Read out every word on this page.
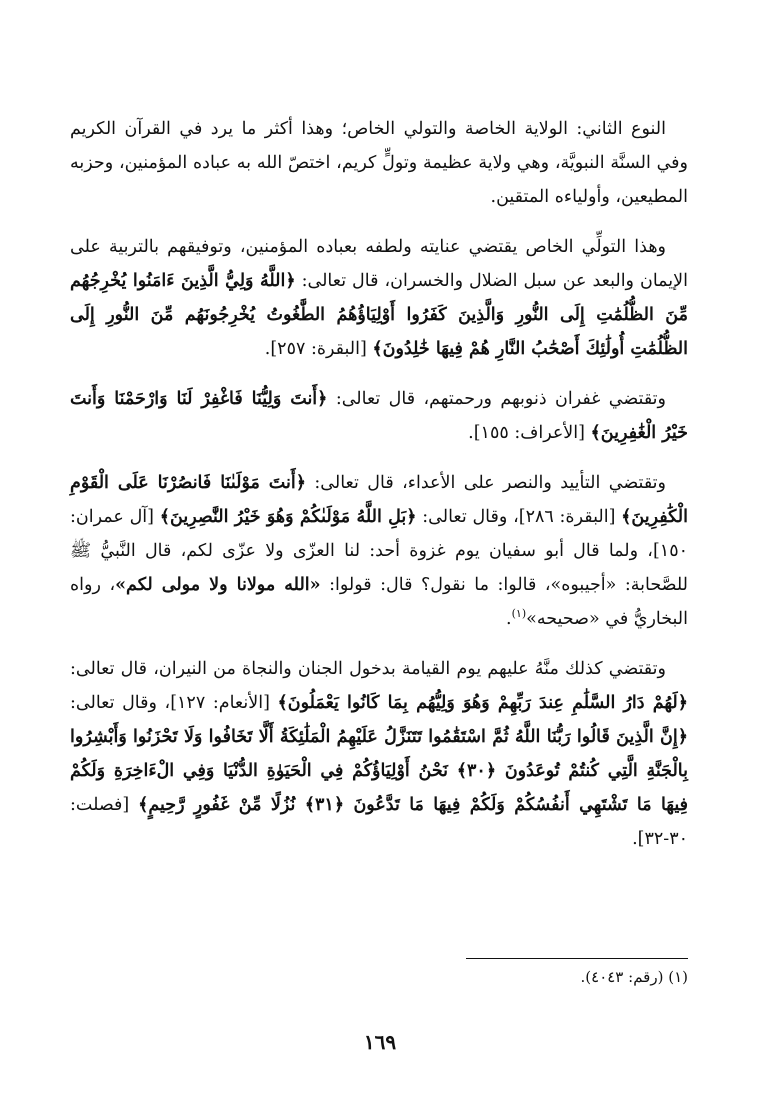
النوع الثاني: الولاية الخاصة والتولي الخاص؛ وهذا أكثر ما يرد في القرآن الكريم وفي السنَّة النبويَّة، وهي ولاية عظيمة وتولٍّ كريم، اختصّ الله به عباده المؤمنين، وحزبه المطيعين، وأولياءه المتقين.

وهذا التولِّي الخاص يقتضي عنايته ولطفه بعباده المؤمنين، وتوفيقهم بالتربية على الإيمان والبعد عن سبل الضلال والخسران، قال تعالى: ﴿اللَّهُ وَلِيُّ الَّذِينَ ءَامَنُوا يُخْرِجُهُم مِّنَ الظُّلُمَٰتِ إِلَى النُّورِ وَالَّذِينَ كَفَرُوا أَوْلِيَاؤُهُمُ الطَّٰغُوتُ يُخْرِجُونَهُم مِّنَ النُّورِ إِلَى الظُّلُمَٰتِ أُولَٰئِكَ أَصْحَٰبُ النَّارِ هُمْ فِيهَا خَٰلِدُونَ﴾ [البقرة: ٢٥٧].

وتقتضي غفران ذنوبهم ورحمتهم، قال تعالى: ﴿أَنتَ وَلِيُّنَا فَاغْفِرْ لَنَا وَارْحَمْنَا وَأَنتَ خَيْرُ الْغَٰفِرِينَ﴾ [الأعراف: ١٥٥].

وتقتضي التأييد والنصر على الأعداء، قال تعالى: ﴿أَنتَ مَوْلَىٰنَا فَانصُرْنَا عَلَى الْقَوْمِ الْكَٰفِرِينَ﴾ [البقرة: ٢٨٦]، وقال تعالى: ﴿بَلِ اللَّهُ مَوْلَىٰكُمْ وَهُوَ خَيْرُ النَّٰصِرِينَ﴾ [آل عمران: ١٥٠]، ولما قال أبو سفيان يوم غزوة أحد: لنا العزّى ولا عزّى لكم، قال النَّبيُّ ﷺ للصَّحابة: «أجيبوه»، قالوا: ما نقول؟ قال: قولوا: «الله مولانا ولا مولى لكم»، رواه البخاريُّ في «صحيحه»$^{(١)}$.

وتقتضي كذلك منَّهُ عليهم يوم القيامة بدخول الجنان والنجاة من النيران، قال تعالى: ﴿لَهُمْ دَارُ السَّلَٰمِ عِندَ رَبِّهِمْ وَهُوَ وَلِيُّهُم بِمَا كَانُوا يَعْمَلُونَ﴾ [الأنعام: ١٢٧]، وقال تعالى: ﴿إِنَّ الَّذِينَ قَالُوا رَبُّنَا اللَّهُ ثُمَّ اسْتَقَٰمُوا تَتَنَزَّلُ عَلَيْهِمُ الْمَلَٰئِكَةُ أَلَّا تَخَافُوا وَلَا تَحْزَنُوا وَأَبْشِرُوا بِالْجَنَّةِ الَّتِي كُنتُمْ تُوعَدُونَ ﴿٣٠﴾ نَحْنُ أَوْلِيَاؤُكُمْ فِي الْحَيَوٰةِ الدُّنْيَا وَفِي الْءَاخِرَةِ وَلَكُمْ فِيهَا مَا تَشْتَهِي أَنفُسُكُمْ وَلَكُمْ فِيهَا مَا تَدَّعُونَ ﴿٣١﴾ نُزُلًا مِّنْ غَفُورٍ رَّحِيمٍ﴾ [فصلت: ٣٠-٣٢].

(١) (رقم: ٤٠٤٣).
١٦٩
